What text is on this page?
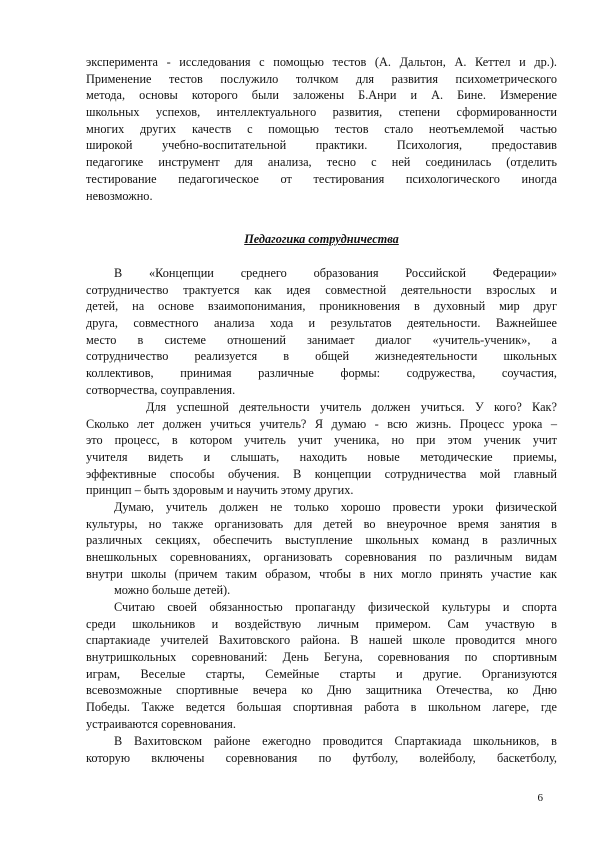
эксперимента - исследования с помощью тестов (А. Дальтон, А. Кеттел и др.).
Применение тестов послужило толчком для развития психометрического
метода, основы которого были заложены Б.Анри и А. Бине. Измерение
школьных успехов, интеллектуального развития, степени сформированности
многих других качеств с помощью тестов стало неотъемлемой частью
широкой учебно-воспитательной практики. Психология, предоставив
педагогике инструмент для анализа, тесно с ней соединилась (отделить
тестирование педагогическое от тестирования психологического иногда
невозможно.
Педагогика сотрудничества
В «Концепции среднего образования Российской Федерации»
сотрудничество трактуется как идея совместной деятельности взрослых и
детей, на основе взаимопонимания, проникновения в духовный мир друг
друга, совместного анализа хода и результатов деятельности. Важнейшее
место в системе отношений занимает диалог «учитель-ученик», а
сотрудничество реализуется в общей жизнедеятельности школьных
коллективов, принимая различные формы: содружества, соучастия,
сотворчества, соуправления.
Для успешной деятельности учитель должен учиться. У кого? Как?
Сколько лет должен учиться учитель? Я думаю - всю жизнь. Процесс урока –
это процесс, в котором учитель учит ученика, но при этом ученик учит
учителя видеть и слышать, находить новые методические приемы,
эффективные способы обучения. В концепции сотрудничества мой главный
принцип – быть здоровым и научить этому других.
Думаю, учитель должен не только хорошо провести уроки физической
культуры, но также организовать для детей во внеурочное время занятия в
различных секциях, обеспечить выступление школьных команд в различных
внешкольных соревнованиях, организовать соревнования по различным видам
внутри школы (причем таким образом, чтобы в них могло принять участие как
можно больше детей).
Считаю своей обязанностью пропаганду физической культуры и спорта
среди школьников и воздействую личным примером. Сам участвую в
спартакиаде учителей Вахитовского района. В нашей школе проводится много
внутришкольных соревнований: День Бегуна, соревнования по спортивным
играм, Веселые старты, Семейные старты и другие. Организуются
всевозможные спортивные вечера ко Дню защитника Отечества, ко Дню
Победы. Также ведется большая спортивная работа в школьном лагере, где
устраиваются соревнования.
В Вахитовском районе ежегодно проводится Спартакиада школьников, в
которую включены соревнования по футболу, волейболу, баскетболу,
6
